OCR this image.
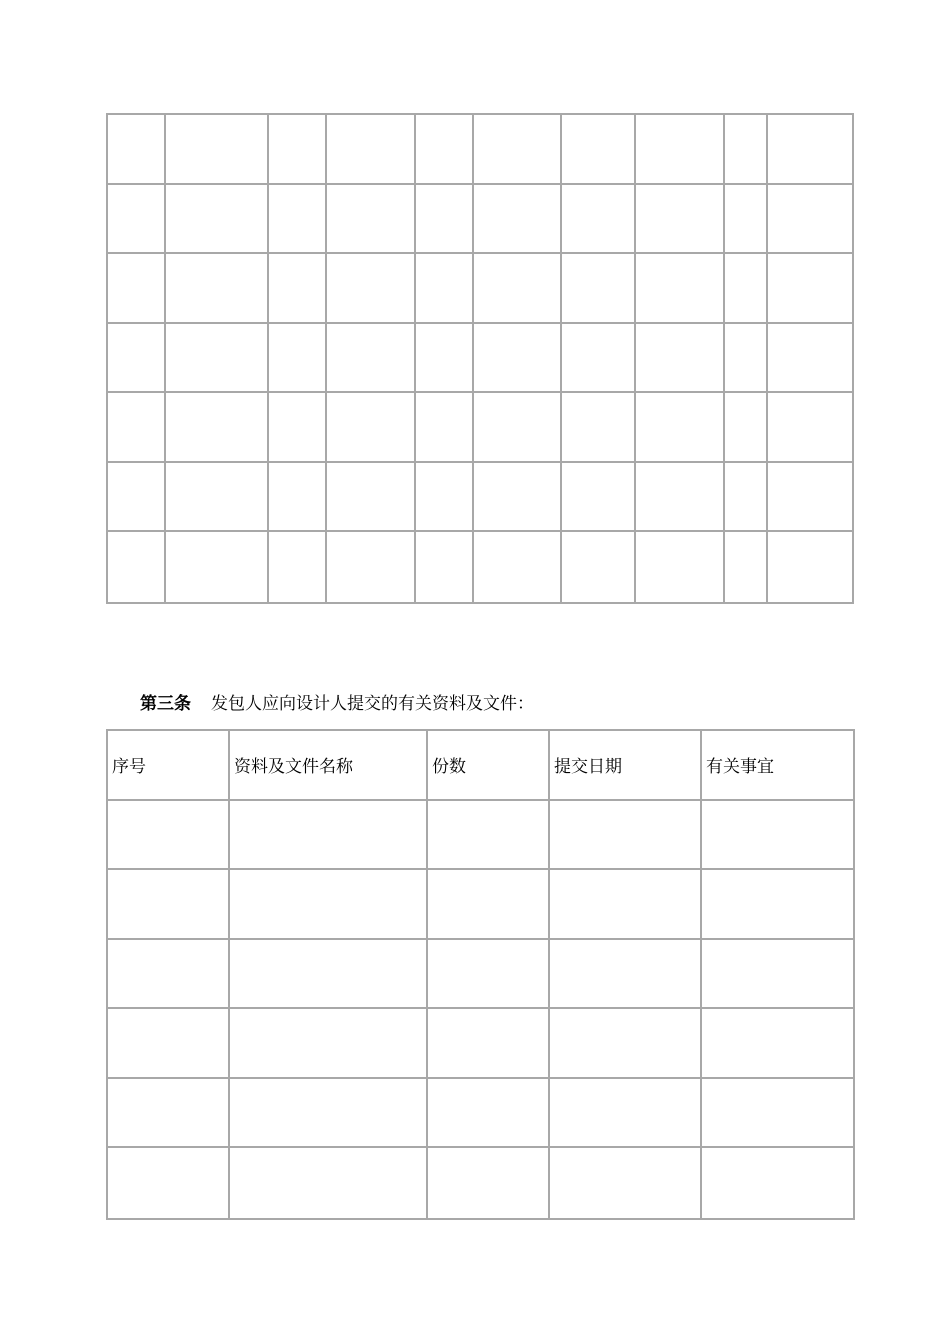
第三条 发包人应向设计人提交的有关资料及文件：
序号	资料及文件名称	份数	提交日期	有关事宜
